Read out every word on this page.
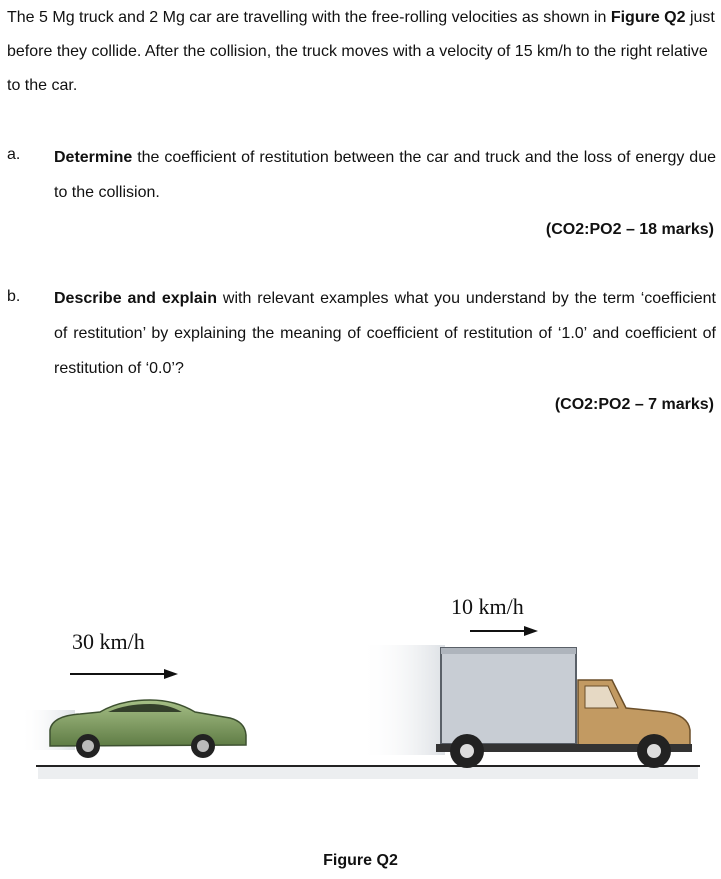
The 5 Mg truck and 2 Mg car are travelling with the free-rolling velocities as shown in Figure Q2 just before they collide. After the collision, the truck moves with a velocity of 15 km/h to the right relative to the car.
a. Determine the coefficient of restitution between the car and truck and the loss of energy due to the collision.
(CO2:PO2 – 18 marks)
b. Describe and explain with relevant examples what you understand by the term ‘coefficient of restitution’ by explaining the meaning of coefficient of restitution of ‘1.0’ and coefficient of restitution of ‘0.0’?
(CO2:PO2 – 7 marks)
30 km/h
10 km/h
Figure Q2
